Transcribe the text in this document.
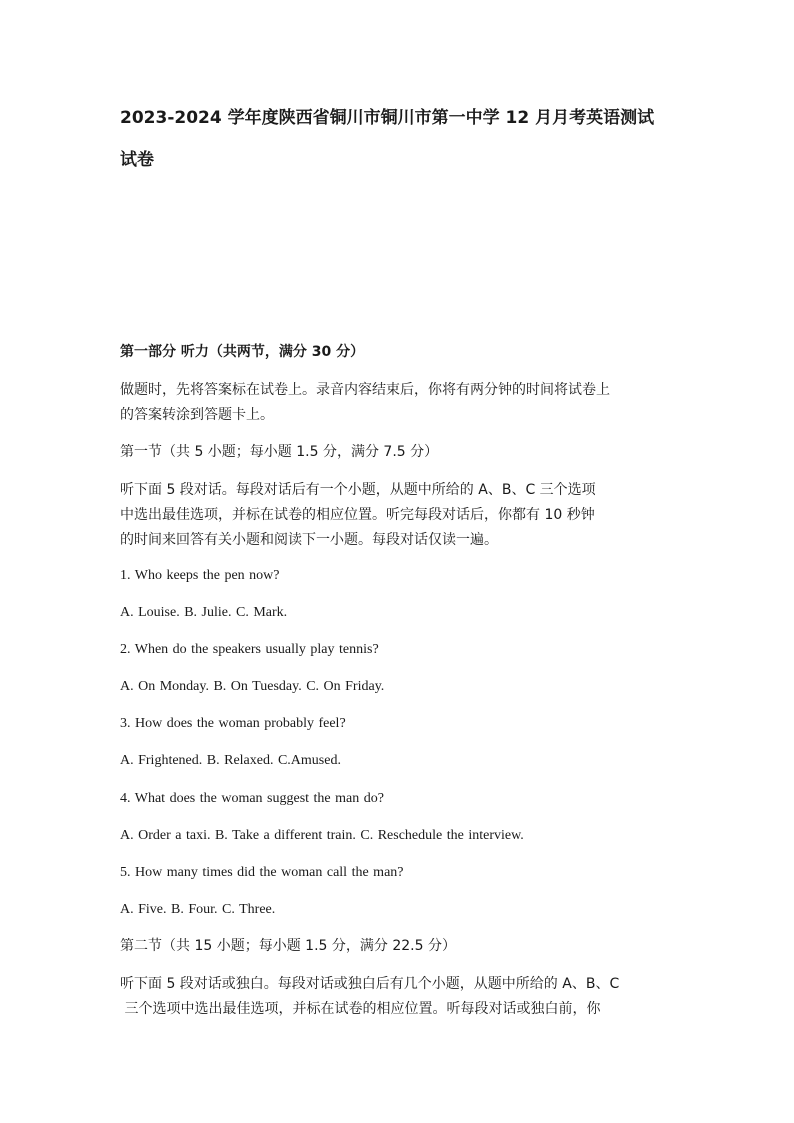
2023-2024 学年度陕西省铜川市铜川市第一中学 12 月月考英语测试
试卷
第一部分 听力（共两节，满分 30 分）
做题时，先将答案标在试卷上。录音内容结束后，你将有两分钟的时间将试卷上
的答案转涂到答题卡上。
第一节（共 5 小题；每小题 1.5 分，满分 7.5 分）
听下面 5 段对话。每段对话后有一个小题，从题中所给的 A、B、C 三个选项
中选出最佳选项，并标在试卷的相应位置。听完每段对话后，你都有 10 秒钟
的时间来回答有关小题和阅读下一小题。每段对话仅读一遍。
1. Who keeps the pen now?
A. Louise. B. Julie. C. Mark.
2. When do the speakers usually play tennis?
A. On Monday. B. On Tuesday. C. On Friday.
3. How does the woman probably feel?
A. Frightened. B. Relaxed. C.Amused.
4. What does the woman suggest the man do?
A. Order a taxi. B. Take a different train. C. Reschedule the interview.
5. How many times did the woman call the man?
A. Five. B. Four. C. Three.
第二节（共 15 小题；每小题 1.5 分，满分 22.5 分）
听下面 5 段对话或独白。每段对话或独白后有几个小题，从题中所给的 A、B、C
三个选项中选出最佳选项，并标在试卷的相应位置。听每段对话或独白前，你
